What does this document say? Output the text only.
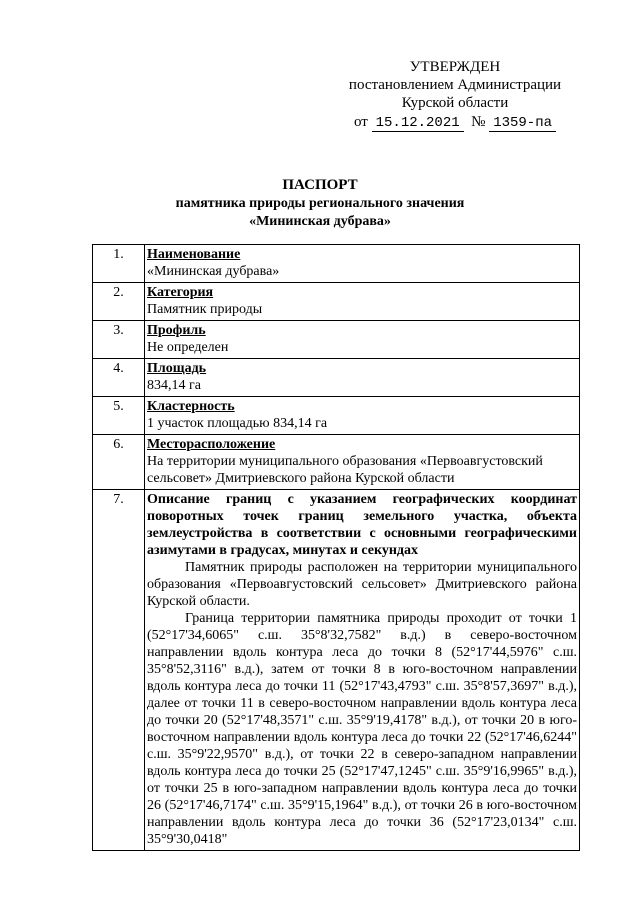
УТВЕРЖДЕН
постановлением Администрации
Курской области
от
15.12.2021
№
1359-па
ПАСПОРТ
памятника природы регионального значения
«Мининская дубрава»
1.	Наименование
«Мининская дубрава»

2.	Категория
Памятник природы

3.	Профиль
Не определен

4.	Площадь
834,14 га

5.	Кластерность
1 участок площадью 834,14 га

6.	Месторасположение
На территории муниципального образования «Первоавгустовский сельсовет» Дмитриевского района Курской области

7.	Описание границ с указанием географических координат поворотных точек границ земельного участка, объекта землеустройства в соответствии с основными географическими азимутами в градусах, минутах и секундах
Памятник природы расположен на территории муниципального образования «Первоавгустовский сельсовет» Дмитриевского района Курской области.
Граница территории памятника природы проходит от точки 1 (52°17'34,6065" с.ш. 35°8'32,7582" в.д.) в северо-восточном направлении вдоль контура леса до точки 8 (52°17'44,5976" с.ш. 35°8'52,3116" в.д.), затем от точки 8 в юго-восточном направлении вдоль контура леса до точки 11 (52°17'43,4793" с.ш. 35°8'57,3697" в.д.), далее от точки 11 в северо-восточном направлении вдоль контура леса до точки 20 (52°17'48,3571" с.ш. 35°9'19,4178" в.д.), от точки 20 в юго-восточном направлении вдоль контура леса до точки 22 (52°17'46,6244" с.ш. 35°9'22,9570" в.д.), от точки 22 в северо-западном направлении вдоль контура леса до точки 25 (52°17'47,1245" с.ш. 35°9'16,9965" в.д.), от точки 25 в юго-западном направлении вдоль контура леса до точки 26 (52°17'46,7174" с.ш. 35°9'15,1964" в.д.), от точки 26 в юго-восточном направлении вдоль контура леса до точки 36 (52°17'23,0134" с.ш. 35°9'30,0418"
